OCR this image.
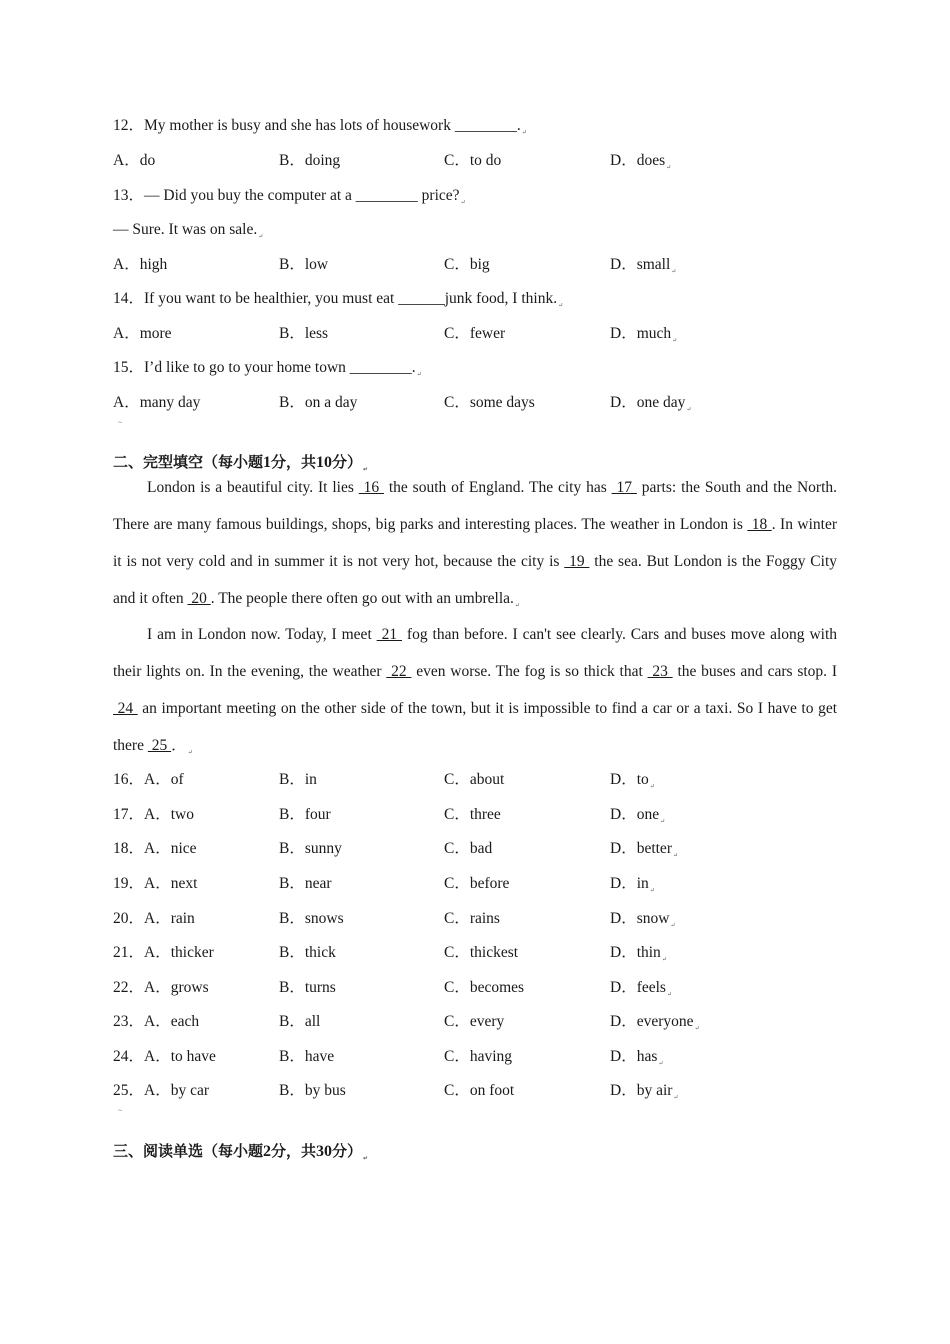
12．My mother is busy and she has lots of housework $\_\_\_\_\_\_\_\_._↵$
A．do	B．doing	C．to do	D．does$_↵$
13．— Did you buy the computer at a ________ $price?_↵$
— Sure. It was on $sale._↵$
A．high	B．low	C．big	D．small$_↵$
14．If you want to be healthier, you must eat ______junk food, I $think._↵$
A．more	B．less	C．fewer	D．much$_↵$
15．I’d like to go to your home town $\_\_\_\_\_\_\_\_._↵$
A．many day	B．on a day	C．some days	D．one day$_↵$
~
二、完型填空（每小题1分，共10分）$_↵$
London is a beautiful city. It lies  16  the south of England. The city has  17  parts: the South and the North. There are many famous buildings, shops, big parks and interesting places. The weather in London is  18 . In winter it is not very cold and in summer it is not very hot, because the city is  19  the sea. But London is the Foggy City and it often  20 . The people there often go out with an $umbrella._↵$
I am in London now. Today, I meet  21  fog than before. I can't see clearly. Cars and buses move along with their lights on. In the evening, the weather  22  even worse. The fog is so thick that  23  the buses and cars stop. I  24  an important meeting on the other side of the town, but it is impossible to find a car or a taxi. So I have to get there  25 ．$_↵$
16．A．of	B．in	C．about	D．$to_↵$
17．A．two	B．four	C．three	D．one$_↵$
18．A．nice	B．sunny	C．bad	D．better$_↵$
19．A．next	B．near	C．before	D．$in_↵$
20．A．rain	B．snows	C．rains	D．snow$_↵$
21．A．thicker	B．thick	C．thickest	D．thin$_↵$
22．A．grows	B．turns	C．becomes	D．feels$_↵$
23．A．each	B．all	C．every	D．everyone$_↵$
24．A．to have	B．have	C．having	D．has$_↵$
25．A．by car	B．by bus	C．on foot	D．by air$_↵$
~
三、阅读单选（每小题2分，共30分）$_↵$
